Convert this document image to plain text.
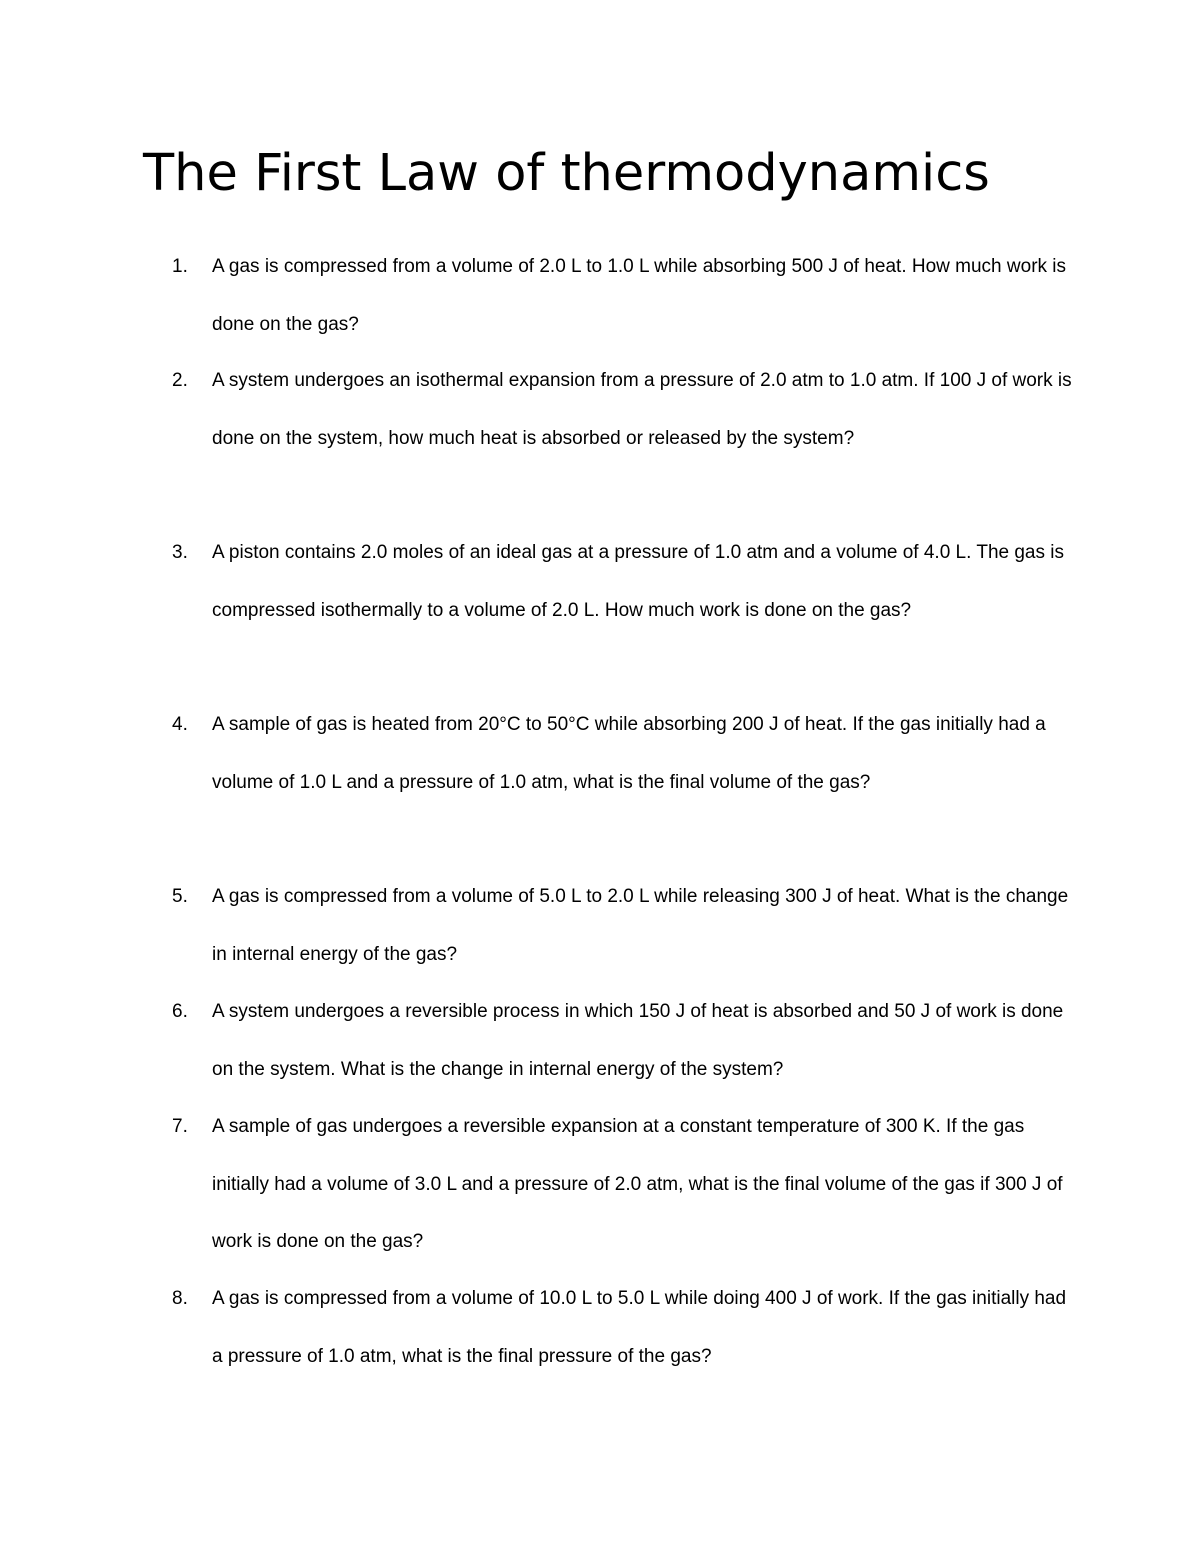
The First Law of thermodynamics
1.	A gas is compressed from a volume of 2.0 L to 1.0 L while absorbing 500 J of heat. How much work is done on the gas?
2.	A system undergoes an isothermal expansion from a pressure of 2.0 atm to 1.0 atm. If 100 J of work is done on the system, how much heat is absorbed or released by the system?
3.	A piston contains 2.0 moles of an ideal gas at a pressure of 1.0 atm and a volume of 4.0 L. The gas is compressed isothermally to a volume of 2.0 L. How much work is done on the gas?
4.	A sample of gas is heated from 20°C to 50°C while absorbing 200 J of heat. If the gas initially had a volume of 1.0 L and a pressure of 1.0 atm, what is the final volume of the gas?
5.	A gas is compressed from a volume of 5.0 L to 2.0 L while releasing 300 J of heat. What is the change in internal energy of the gas?
6.	A system undergoes a reversible process in which 150 J of heat is absorbed and 50 J of work is done on the system. What is the change in internal energy of the system?
7.	A sample of gas undergoes a reversible expansion at a constant temperature of 300 K. If the gas initially had a volume of 3.0 L and a pressure of 2.0 atm, what is the final volume of the gas if 300 J of work is done on the gas?
8.	A gas is compressed from a volume of 10.0 L to 5.0 L while doing 400 J of work. If the gas initially had a pressure of 1.0 atm, what is the final pressure of the gas?
